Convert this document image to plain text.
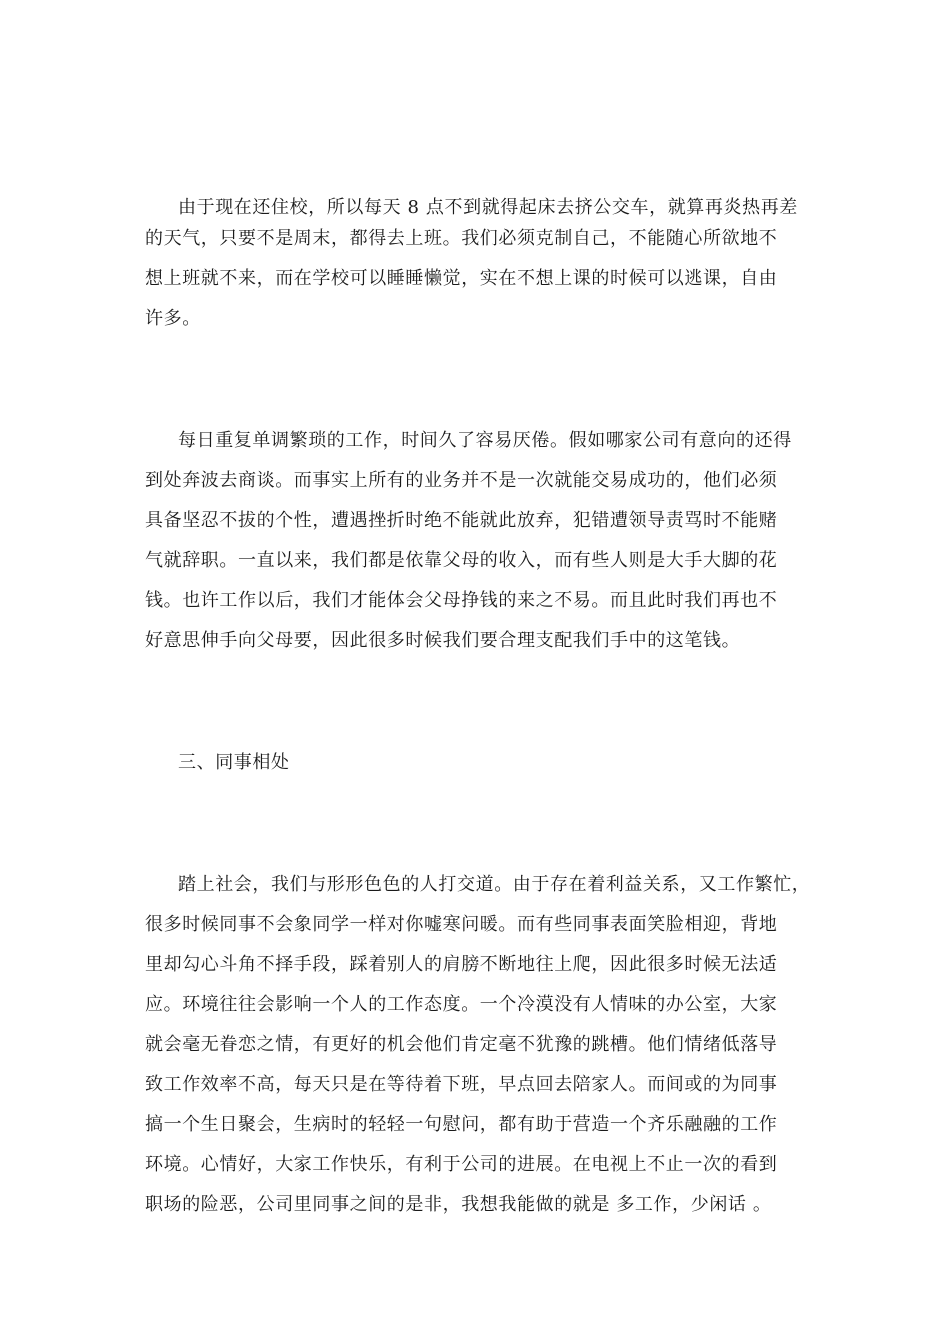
由于现在还住校，所以每天 8 点不到就得起床去挤公交车，就算再炎热再差
的天气，只要不是周末，都得去上班。我们必须克制自己，不能随心所欲地不
想上班就不来，而在学校可以睡睡懒觉，实在不想上课的时候可以逃课，自由
许多。
每日重复单调繁琐的工作，时间久了容易厌倦。假如哪家公司有意向的还得
到处奔波去商谈。而事实上所有的业务并不是一次就能交易成功的，他们必须
具备坚忍不拔的个性，遭遇挫折时绝不能就此放弃，犯错遭领导责骂时不能赌
气就辞职。一直以来，我们都是依靠父母的收入，而有些人则是大手大脚的花
钱。也许工作以后，我们才能体会父母挣钱的来之不易。而且此时我们再也不
好意思伸手向父母要，因此很多时候我们要合理支配我们手中的这笔钱。

三、同事相处

踏上社会，我们与形形色色的人打交道。由于存在着利益关系，又工作繁忙，
很多时候同事不会象同学一样对你嘘寒问暖。而有些同事表面笑脸相迎，背地
里却勾心斗角不择手段，踩着别人的肩膀不断地往上爬，因此很多时候无法适
应。环境往往会影响一个人的工作态度。一个冷漠没有人情味的办公室，大家
就会毫无眷恋之情，有更好的机会他们肯定毫不犹豫的跳槽。他们情绪低落导
致工作效率不高，每天只是在等待着下班，早点回去陪家人。而间或的为同事
搞一个生日聚会，生病时的轻轻一句慰问，都有助于营造一个齐乐融融的工作
环境。心情好，大家工作快乐，有利于公司的进展。在电视上不止一次的看到
职场的险恶，公司里同事之间的是非，我想我能做的就是 多工作，少闲话 。
